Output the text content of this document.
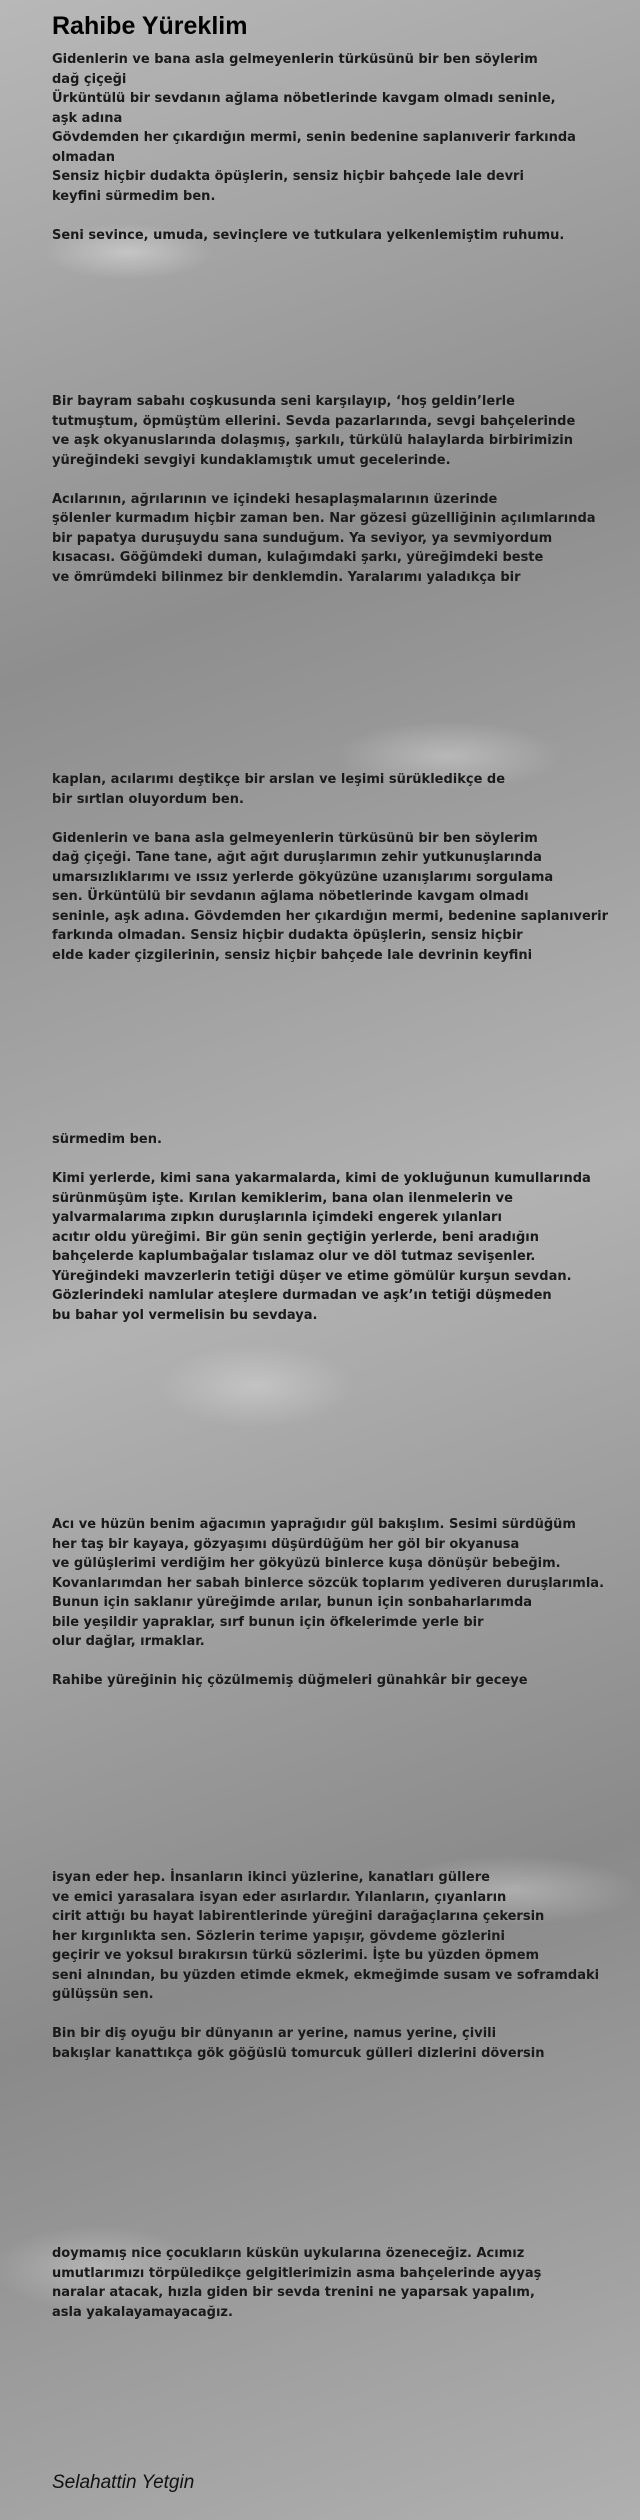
Rahibe Yüreklim
Gidenlerin ve bana asla gelmeyenlerin türküsünü bir ben söylerim
dağ çiçeği
Ürküntülü bir sevdanın ağlama nöbetlerinde kavgam olmadı seninle,
aşk adına
Gövdemden her çıkardığın mermi, senin bedenine saplanıverir farkında
olmadan
Sensiz hiçbir dudakta öpüşlerin, sensiz hiçbir bahçede lale devri
keyfini sürmedim ben.
Seni sevince, umuda, sevinçlere ve tutkulara yelkenlemiştim ruhumu.
Bir bayram sabahı coşkusunda seni karşılayıp, ‘hoş geldin’lerle
tutmuştum, öpmüştüm ellerini. Sevda pazarlarında, sevgi bahçelerinde
ve aşk okyanuslarında dolaşmış, şarkılı, türkülü halaylarda birbirimizin
yüreğindeki sevgiyi kundaklamıştık umut gecelerinde.
Acılarının, ağrılarının ve içindeki hesaplaşmalarının üzerinde
şölenler kurmadım hiçbir zaman ben. Nar gözesi güzelliğinin açılımlarında
bir papatya duruşuydu sana sunduğum. Ya seviyor, ya sevmiyordum
kısacası. Göğümdeki duman, kulağımdaki şarkı, yüreğimdeki beste
ve ömrümdeki bilinmez bir denklemdin. Yaralarımı yaladıkça bir
kaplan, acılarımı deştikçe bir arslan ve leşimi sürükledikçe de
bir sırtlan oluyordum ben.
Gidenlerin ve bana asla gelmeyenlerin türküsünü bir ben söylerim
dağ çiçeği. Tane tane, ağıt ağıt duruşlarımın zehir yutkunuşlarında
umarsızlıklarımı ve ıssız yerlerde gökyüzüne uzanışlarımı sorgulama
sen. Ürküntülü bir sevdanın ağlama nöbetlerinde kavgam olmadı
seninle, aşk adına. Gövdemden her çıkardığın mermi, bedenine saplanıverir
farkında olmadan. Sensiz hiçbir dudakta öpüşlerin, sensiz hiçbir
elde kader çizgilerinin, sensiz hiçbir bahçede lale devrinin keyfini
sürmedim ben.
Kimi yerlerde, kimi sana yakarmalarda, kimi de yokluğunun kumullarında
sürünmüşüm işte. Kırılan kemiklerim, bana olan ilenmelerin ve
yalvarmalarıma zıpkın duruşlarınla içimdeki engerek yılanları
acıtır oldu yüreğimi. Bir gün senin geçtiğin yerlerde, beni aradığın
bahçelerde kaplumbağalar tıslamaz olur ve döl tutmaz sevişenler.
Yüreğindeki mavzerlerin tetiği düşer ve etime gömülür kurşun sevdan.
Gözlerindeki namlular ateşlere durmadan ve aşk’ın tetiği düşmeden
bu bahar yol vermelisin bu sevdaya.
Acı ve hüzün benim ağacımın yaprağıdır gül bakışlım. Sesimi sürdüğüm
her taş bir kayaya, gözyaşımı düşürdüğüm her göl bir okyanusa
ve gülüşlerimi verdiğim her gökyüzü binlerce kuşa dönüşür bebeğim.
Kovanlarımdan her sabah binlerce sözcük toplarım yediveren duruşlarımla.
Bunun için saklanır yüreğimde arılar, bunun için sonbaharlarımda
bile yeşildir yapraklar, sırf bunun için öfkelerimde yerle bir
olur dağlar, ırmaklar.
Rahibe yüreğinin hiç çözülmemiş düğmeleri günahkâr bir geceye
isyan eder hep. İnsanların ikinci yüzlerine, kanatları güllere
ve emici yarasalara isyan eder asırlardır. Yılanların, çıyanların
cirit attığı bu hayat labirentlerinde yüreğini darağaçlarına çekersin
her kırgınlıkta sen. Sözlerin terime yapışır, gövdeme gözlerini
geçirir ve yoksul bırakırsın türkü sözlerimi. İşte bu yüzden öpmem
seni alnından, bu yüzden etimde ekmek, ekmeğimde susam ve soframdaki
gülüşsün sen.
Bin bir diş oyuğu bir dünyanın ar yerine, namus yerine, çivili
bakışlar kanattıkça gök göğüslü tomurcuk gülleri dizlerini döversin
doymamış nice çocukların küskün uykularına özeneceğiz. Acımız
umutlarımızı törpüledikçe gelgitlerimizin asma bahçelerinde ayyaş
naralar atacak, hızla giden bir sevda trenini ne yaparsak yapalım,
asla yakalayamayacağız.
Selahattin Yetgin
